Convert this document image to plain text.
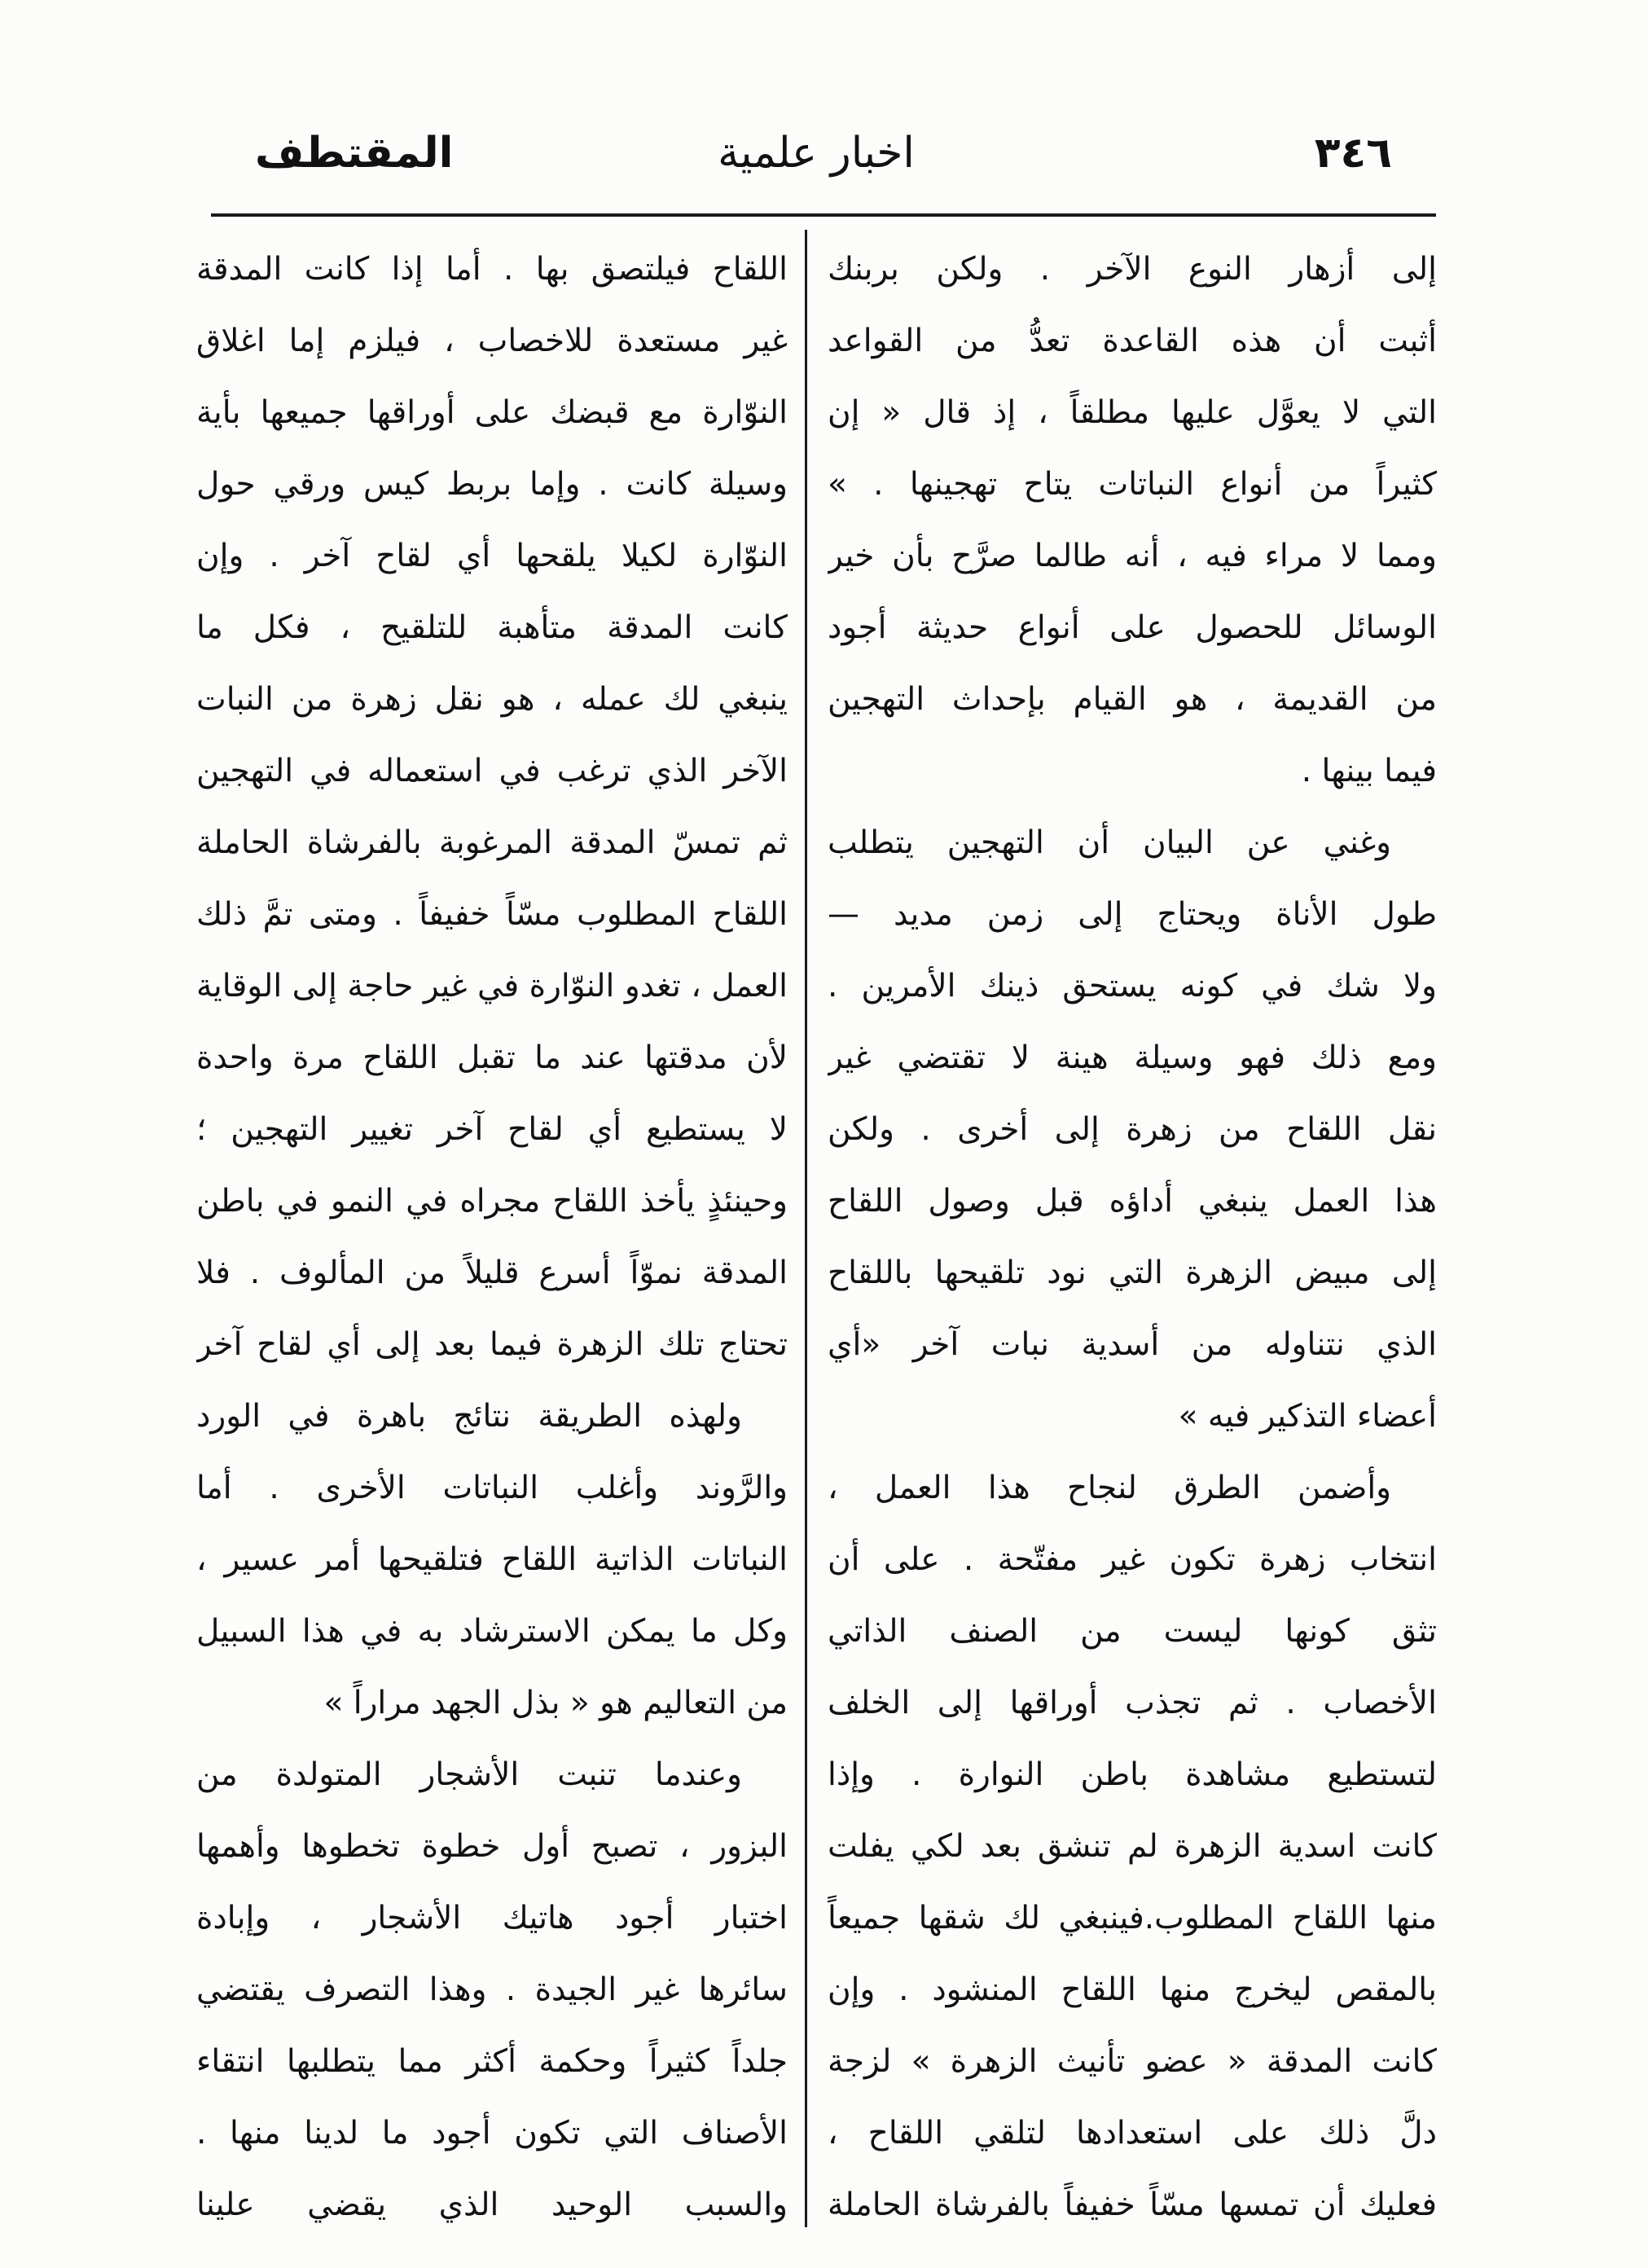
٣٤٦
اخبار علمية
المقتطف
إلى أزهار النوع الآخر . ولكن بربنك
أثبت أن هذه القاعدة تعدُّ من القواعد
التي لا يعوَّل عليها مطلقاً ، إذ قال « إن
كثيراً من أنواع النباتات يتاح تهجينها . »
ومما لا مراء فيه ، أنه طالما صرَّح بأن خير
الوسائل للحصول على أنواع حديثة أجود
من القديمة ، هو القيام بإحداث التهجين
فيما بينها .
وغني عن البيان أن التهجين يتطلب
طول الأناة ويحتاج إلى زمن مديد —
ولا شك في كونه يستحق ذينك الأمرين .
ومع ذلك فهو وسيلة هينة لا تقتضي غير
نقل اللقاح من زهرة إلى أخرى . ولكن
هذا العمل ينبغي أداؤه قبل وصول اللقاح
إلى مبيض الزهرة التي نود تلقيحها باللقاح
الذي نتناوله من أسدية نبات آخر «أي
أعضاء التذكير فيه »
وأضمن الطرق لنجاح هذا العمل ،
انتخاب زهرة تكون غير مفتّحة . على أن
تثق كونها ليست من الصنف الذاتي
الأخصاب . ثم تجذب أوراقها إلى الخلف
لتستطيع مشاهدة باطن النوارة . وإذا
كانت اسدية الزهرة لم تنشق بعد لكي يفلت
منها اللقاح المطلوب.فينبغي لك شقها جميعاً
بالمقص ليخرج منها اللقاح المنشود . وإن
كانت المدقة « عضو تأنيث الزهرة » لزجة
دلَّ ذلك على استعدادها لتلقي اللقاح ،
فعليك أن تمسها مسّاً خفيفاً بالفرشاة الحاملة
اللقاح فيلتصق بها . أما إذا كانت المدقة
غير مستعدة للاخصاب ، فيلزم إما اغلاق
النوّارة مع قبضك على أوراقها جميعها بأية
وسيلة كانت . وإما بربط كيس ورقي حول
النوّارة لكيلا يلقحها أي لقاح آخر . وإن
كانت المدقة متأهبة للتلقيح ، فكل ما
ينبغي لك عمله ، هو نقل زهرة من النبات
الآخر الذي ترغب في استعماله في التهجين
ثم تمسّ المدقة المرغوبة بالفرشاة الحاملة
اللقاح المطلوب مسّاً خفيفاً . ومتى تمَّ ذلك
العمل ، تغدو النوّارة في غير حاجة إلى الوقاية
لأن مدقتها عند ما تقبل اللقاح مرة واحدة
لا يستطيع أي لقاح آخر تغيير التهجين ؛
وحينئذٍ يأخذ اللقاح مجراه في النمو في باطن
المدقة نموّاً أسرع قليلاً من المألوف . فلا
تحتاج تلك الزهرة فيما بعد إلى أي لقاح آخر
ولهذه الطريقة نتائج باهرة في الورد
والرَّوند وأغلب النباتات الأخرى . أما
النباتات الذاتية اللقاح فتلقيحها أمر عسير ،
وكل ما يمكن الاسترشاد به في هذا السبيل
من التعاليم هو « بذل الجهد مراراً »
وعندما تنبت الأشجار المتولدة من
البزور ، تصبح أول خطوة تخطوها وأهمها
اختبار أجود هاتيك الأشجار ، وإبادة
سائرها غير الجيدة . وهذا التصرف يقتضي
جلداً كثيراً وحكمة أكثر مما يتطلبها انتقاء
الأصناف التي تكون أجود ما لدينا منها .
والسبب الوحيد الذي يقضي علينا
